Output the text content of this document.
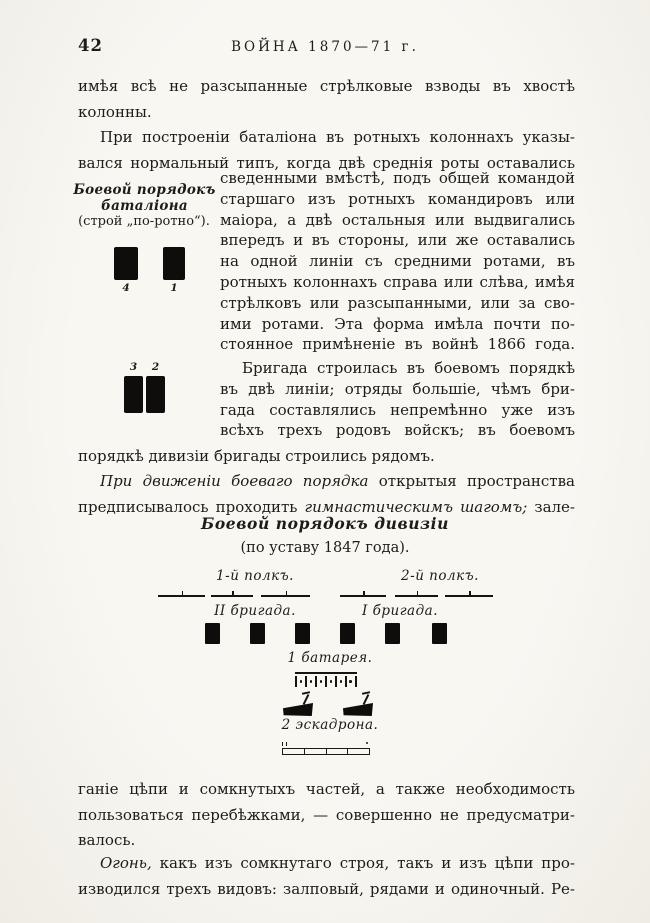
42	ВОЙНА 1870—71 г.
имѣя всѣ не разсыпанные стрѣлковые взводы въ хвостѣ
колонны.
При построеніи баталіона въ ротныхъ колоннахъ указы-
вался нормальный типъ, когда двѣ среднія роты оставались
Боевой порядокъ
баталіона
(строй „по-ротно“).
4	1
3	2
сведенными вмѣстѣ, подъ общей командой
старшаго изъ ротныхъ командировъ или
маіора, а двѣ остальныя или выдвигались
впередъ и въ стороны, или же оставались
на одной линіи съ средними ротами, въ
ротныхъ колоннахъ справа или слѣва, имѣя
стрѣлковъ или разсыпанными, или за сво-
ими ротами. Эта форма имѣла почти по-
стоянное примѣненіе въ войнѣ 1866 года.
Бригада строилась въ боевомъ порядкѣ
въ двѣ линіи; отряды большіе, чѣмъ бри-
гада составлялись непремѣнно уже изъ
всѣхъ трехъ родовъ войскъ; въ боевомъ
порядкѣ дивизіи бригады строились рядомъ.
При движеніи боеваго порядка открытыя пространства
предписывалось проходить гимнастическимъ шагомъ; зале-
Боевой порядокъ дивизіи
(по уставу 1847 года).
1-й полкъ.	2-й полкъ.
II бригада.	I бригада.
1 батарея.
2 эскадрона.
ганіе цѣпи и сомкнутыхъ частей, а также необходимость
пользоваться перебѣжками, — совершенно не предусматри-
валось.
Огонь, какъ изъ сомкнутаго строя, такъ и изъ цѣпи про-
изводился трехъ видовъ: залповый, рядами и одиночный. Ре-
